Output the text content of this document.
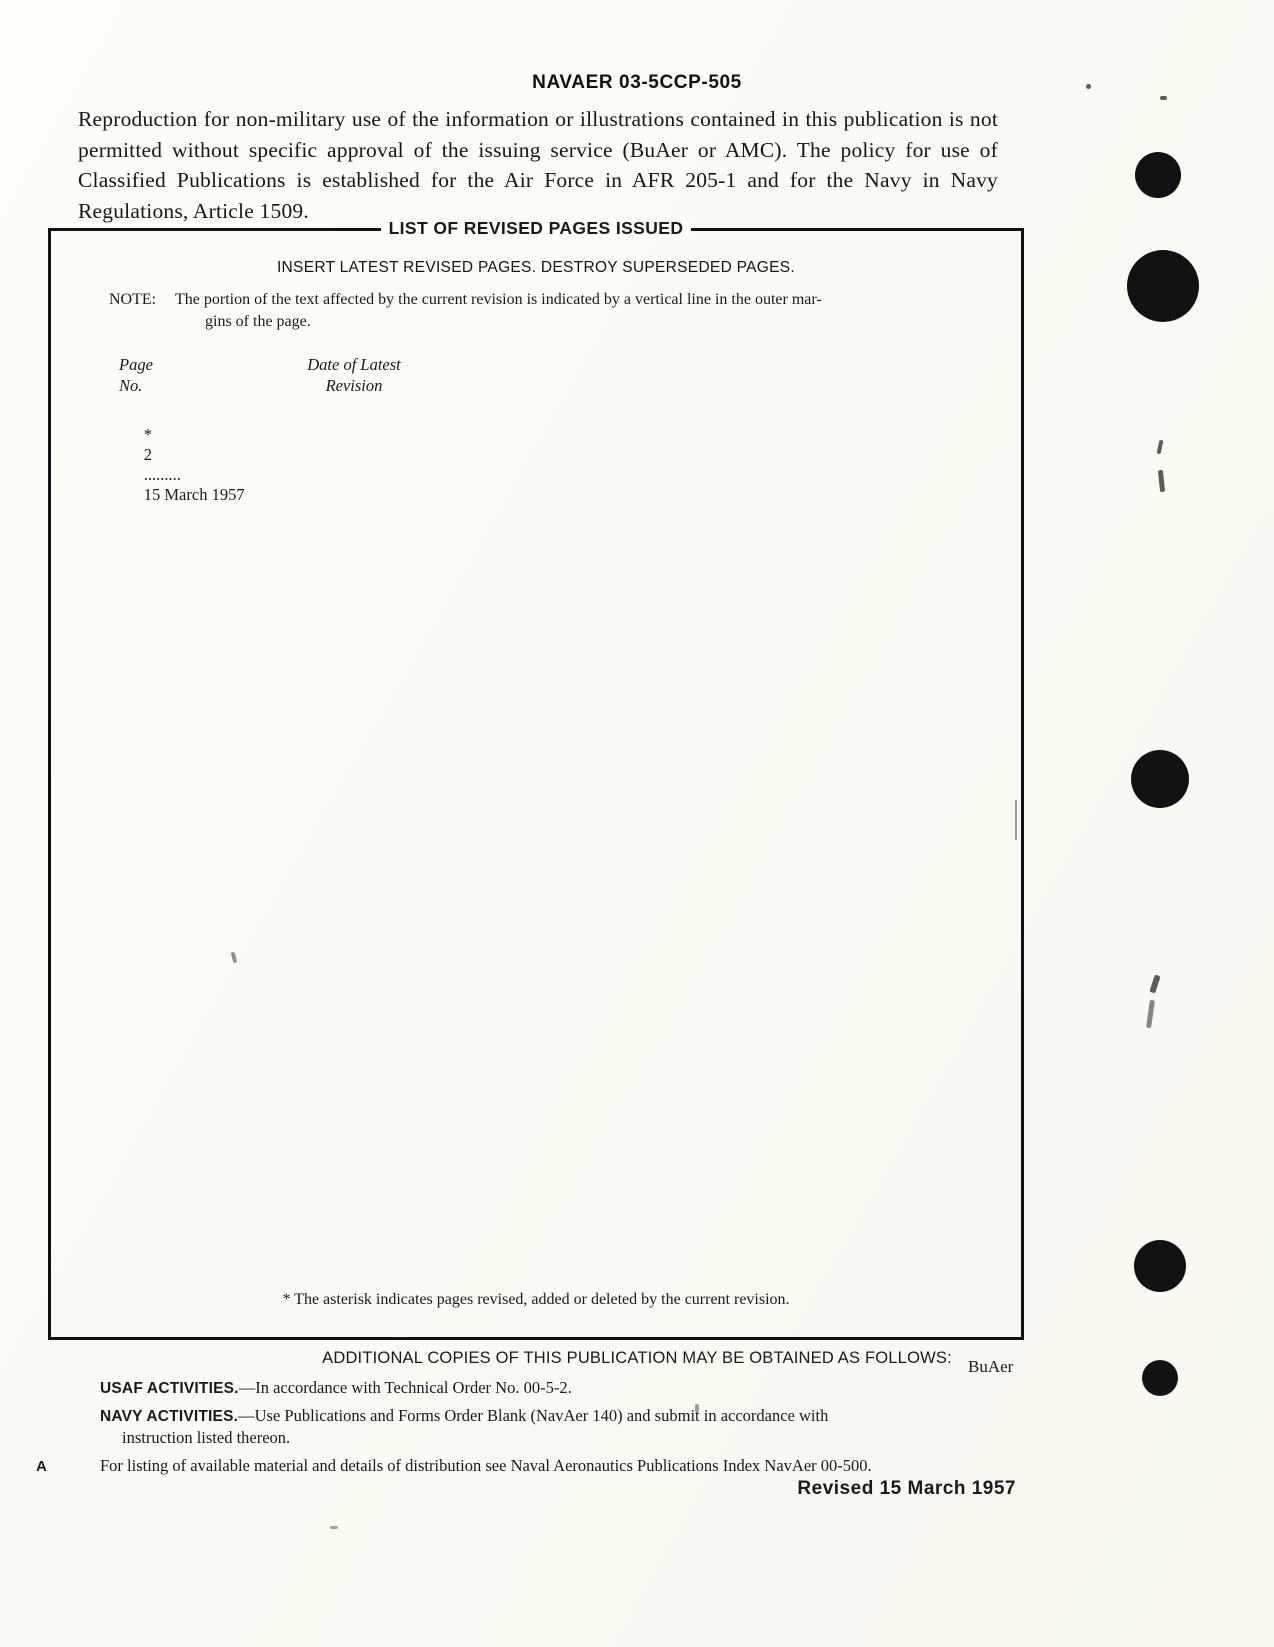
NAVAER 03-5CCP-505
Reproduction for non-military use of the information or illustrations contained in this publication is not permitted without specific approval of the issuing service (BuAer or AMC). The policy for use of Classified Publications is established for the Air Force in AFR 205-1 and for the Navy in Navy Regulations, Article 1509.
LIST OF REVISED PAGES ISSUED
INSERT LATEST REVISED PAGES. DESTROY SUPERSEDED PAGES.
NOTE: The portion of the text affected by the current revision is indicated by a vertical line in the outer mar-
gins of the page.
Page
No.
Date of Latest
Revision

*
2
.........
15 March 1957

* The asterisk indicates pages revised, added or deleted by the current revision.
ADDITIONAL COPIES OF THIS PUBLICATION MAY BE OBTAINED AS FOLLOWS: BuAer

USAF ACTIVITIES.—In accordance with Technical Order No. 00-5-2.

NAVY ACTIVITIES.—Use Publications and Forms Order Blank (NavAer 140) and submit in accordance with
instruction listed thereon.

For listing of available material and details of distribution see Naval Aeronautics Publications Index NavAer 00-500.

A
Revised 15 March 1957
